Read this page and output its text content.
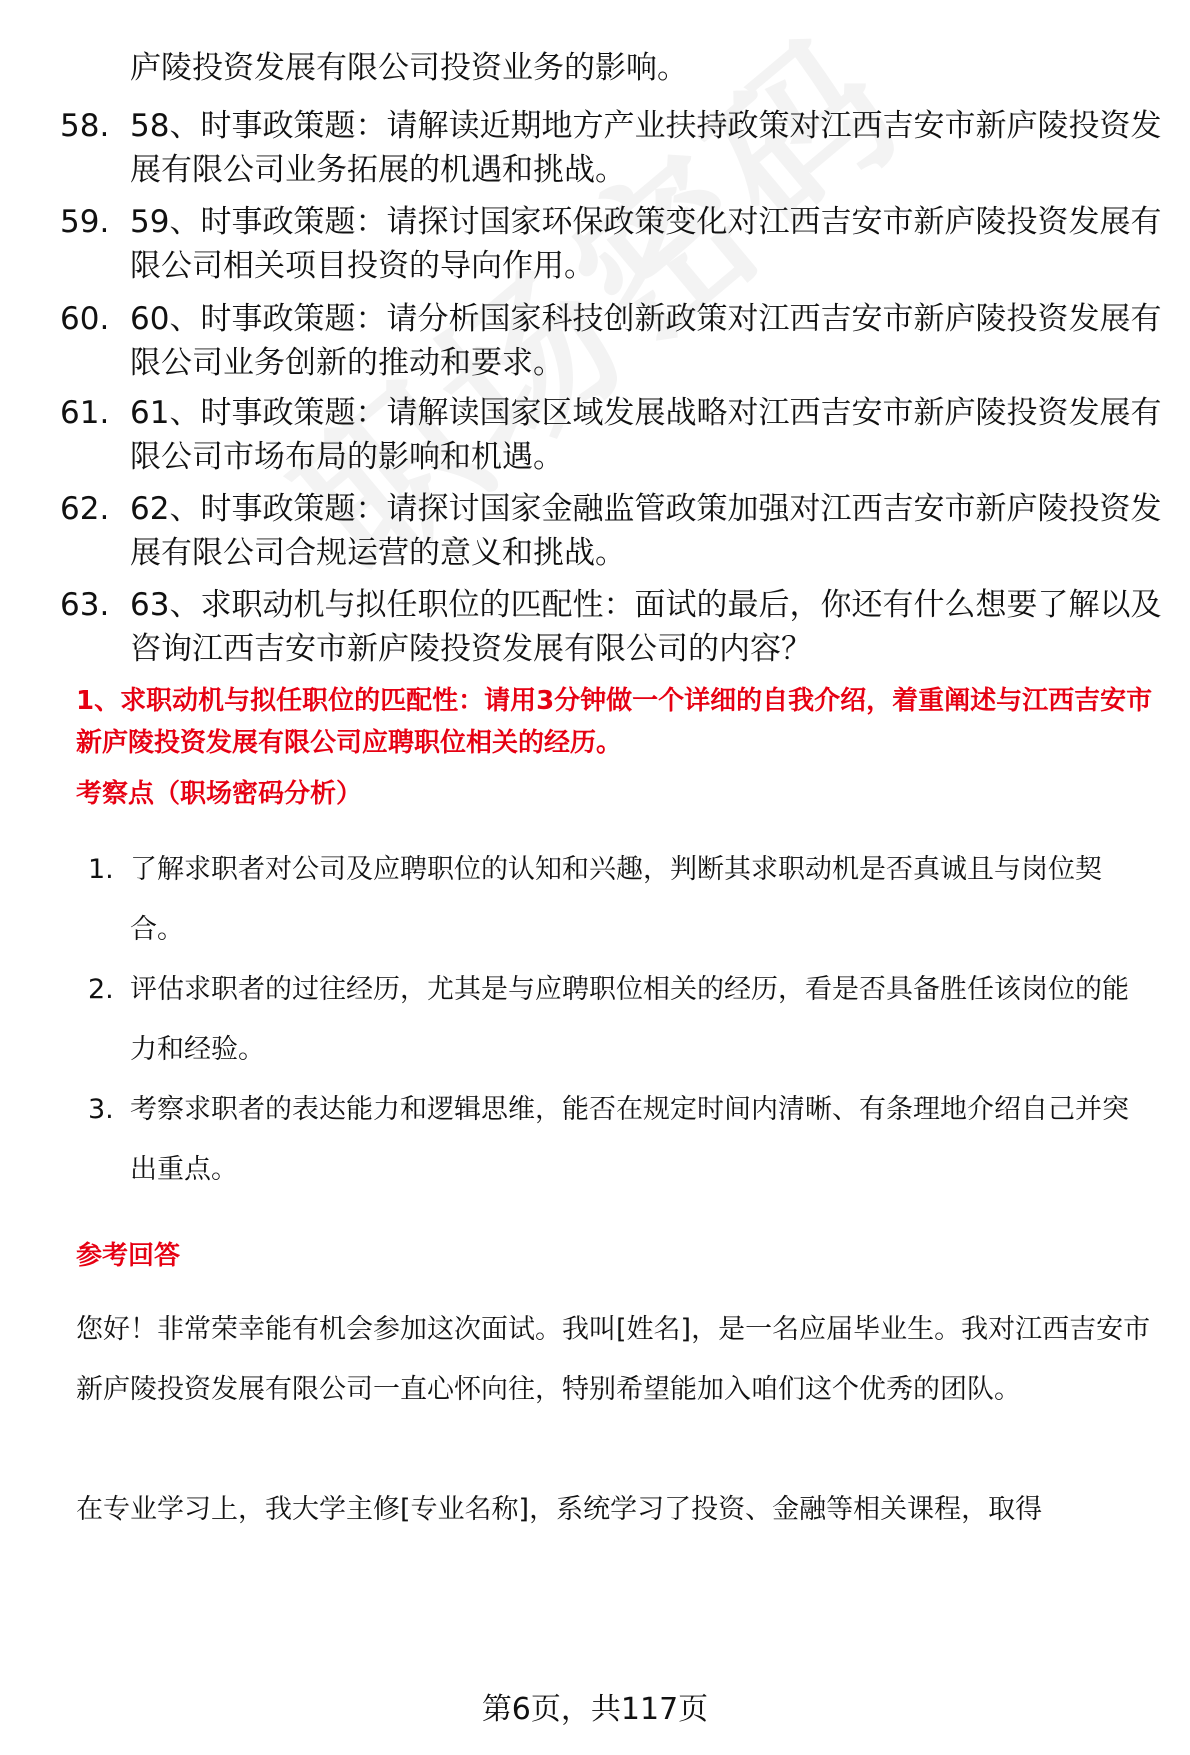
庐陵投资发展有限公司投资业务的影响。
58. 58、时事政策题：请解读近期地方产业扶持政策对江西吉安市新庐陵投资发展有限公司业务拓展的机遇和挑战。
59. 59、时事政策题：请探讨国家环保政策变化对江西吉安市新庐陵投资发展有限公司相关项目投资的导向作用。
60. 60、时事政策题：请分析国家科技创新政策对江西吉安市新庐陵投资发展有限公司业务创新的推动和要求。
61. 61、时事政策题：请解读国家区域发展战略对江西吉安市新庐陵投资发展有限公司市场布局的影响和机遇。
62. 62、时事政策题：请探讨国家金融监管政策加强对江西吉安市新庐陵投资发展有限公司合规运营的意义和挑战。
63. 63、求职动机与拟任职位的匹配性：面试的最后，你还有什么想要了解以及咨询江西吉安市新庐陵投资发展有限公司的内容？
1、求职动机与拟任职位的匹配性：请用3分钟做一个详细的自我介绍，着重阐述与江西吉安市新庐陵投资发展有限公司应聘职位相关的经历。
考察点（职场密码分析）
1. 了解求职者对公司及应聘职位的认知和兴趣，判断其求职动机是否真诚且与岗位契合。
2. 评估求职者的过往经历，尤其是与应聘职位相关的经历，看是否具备胜任该岗位的能力和经验。
3. 考察求职者的表达能力和逻辑思维，能否在规定时间内清晰、有条理地介绍自己并突出重点。
参考回答
您好！非常荣幸能有机会参加这次面试。我叫[姓名]，是一名应届毕业生。我对江西吉安市新庐陵投资发展有限公司一直心怀向往，特别希望能加入咱们这个优秀的团队。
在专业学习上，我大学主修[专业名称]，系统学习了投资、金融等相关课程，取得
第6页，共117页
